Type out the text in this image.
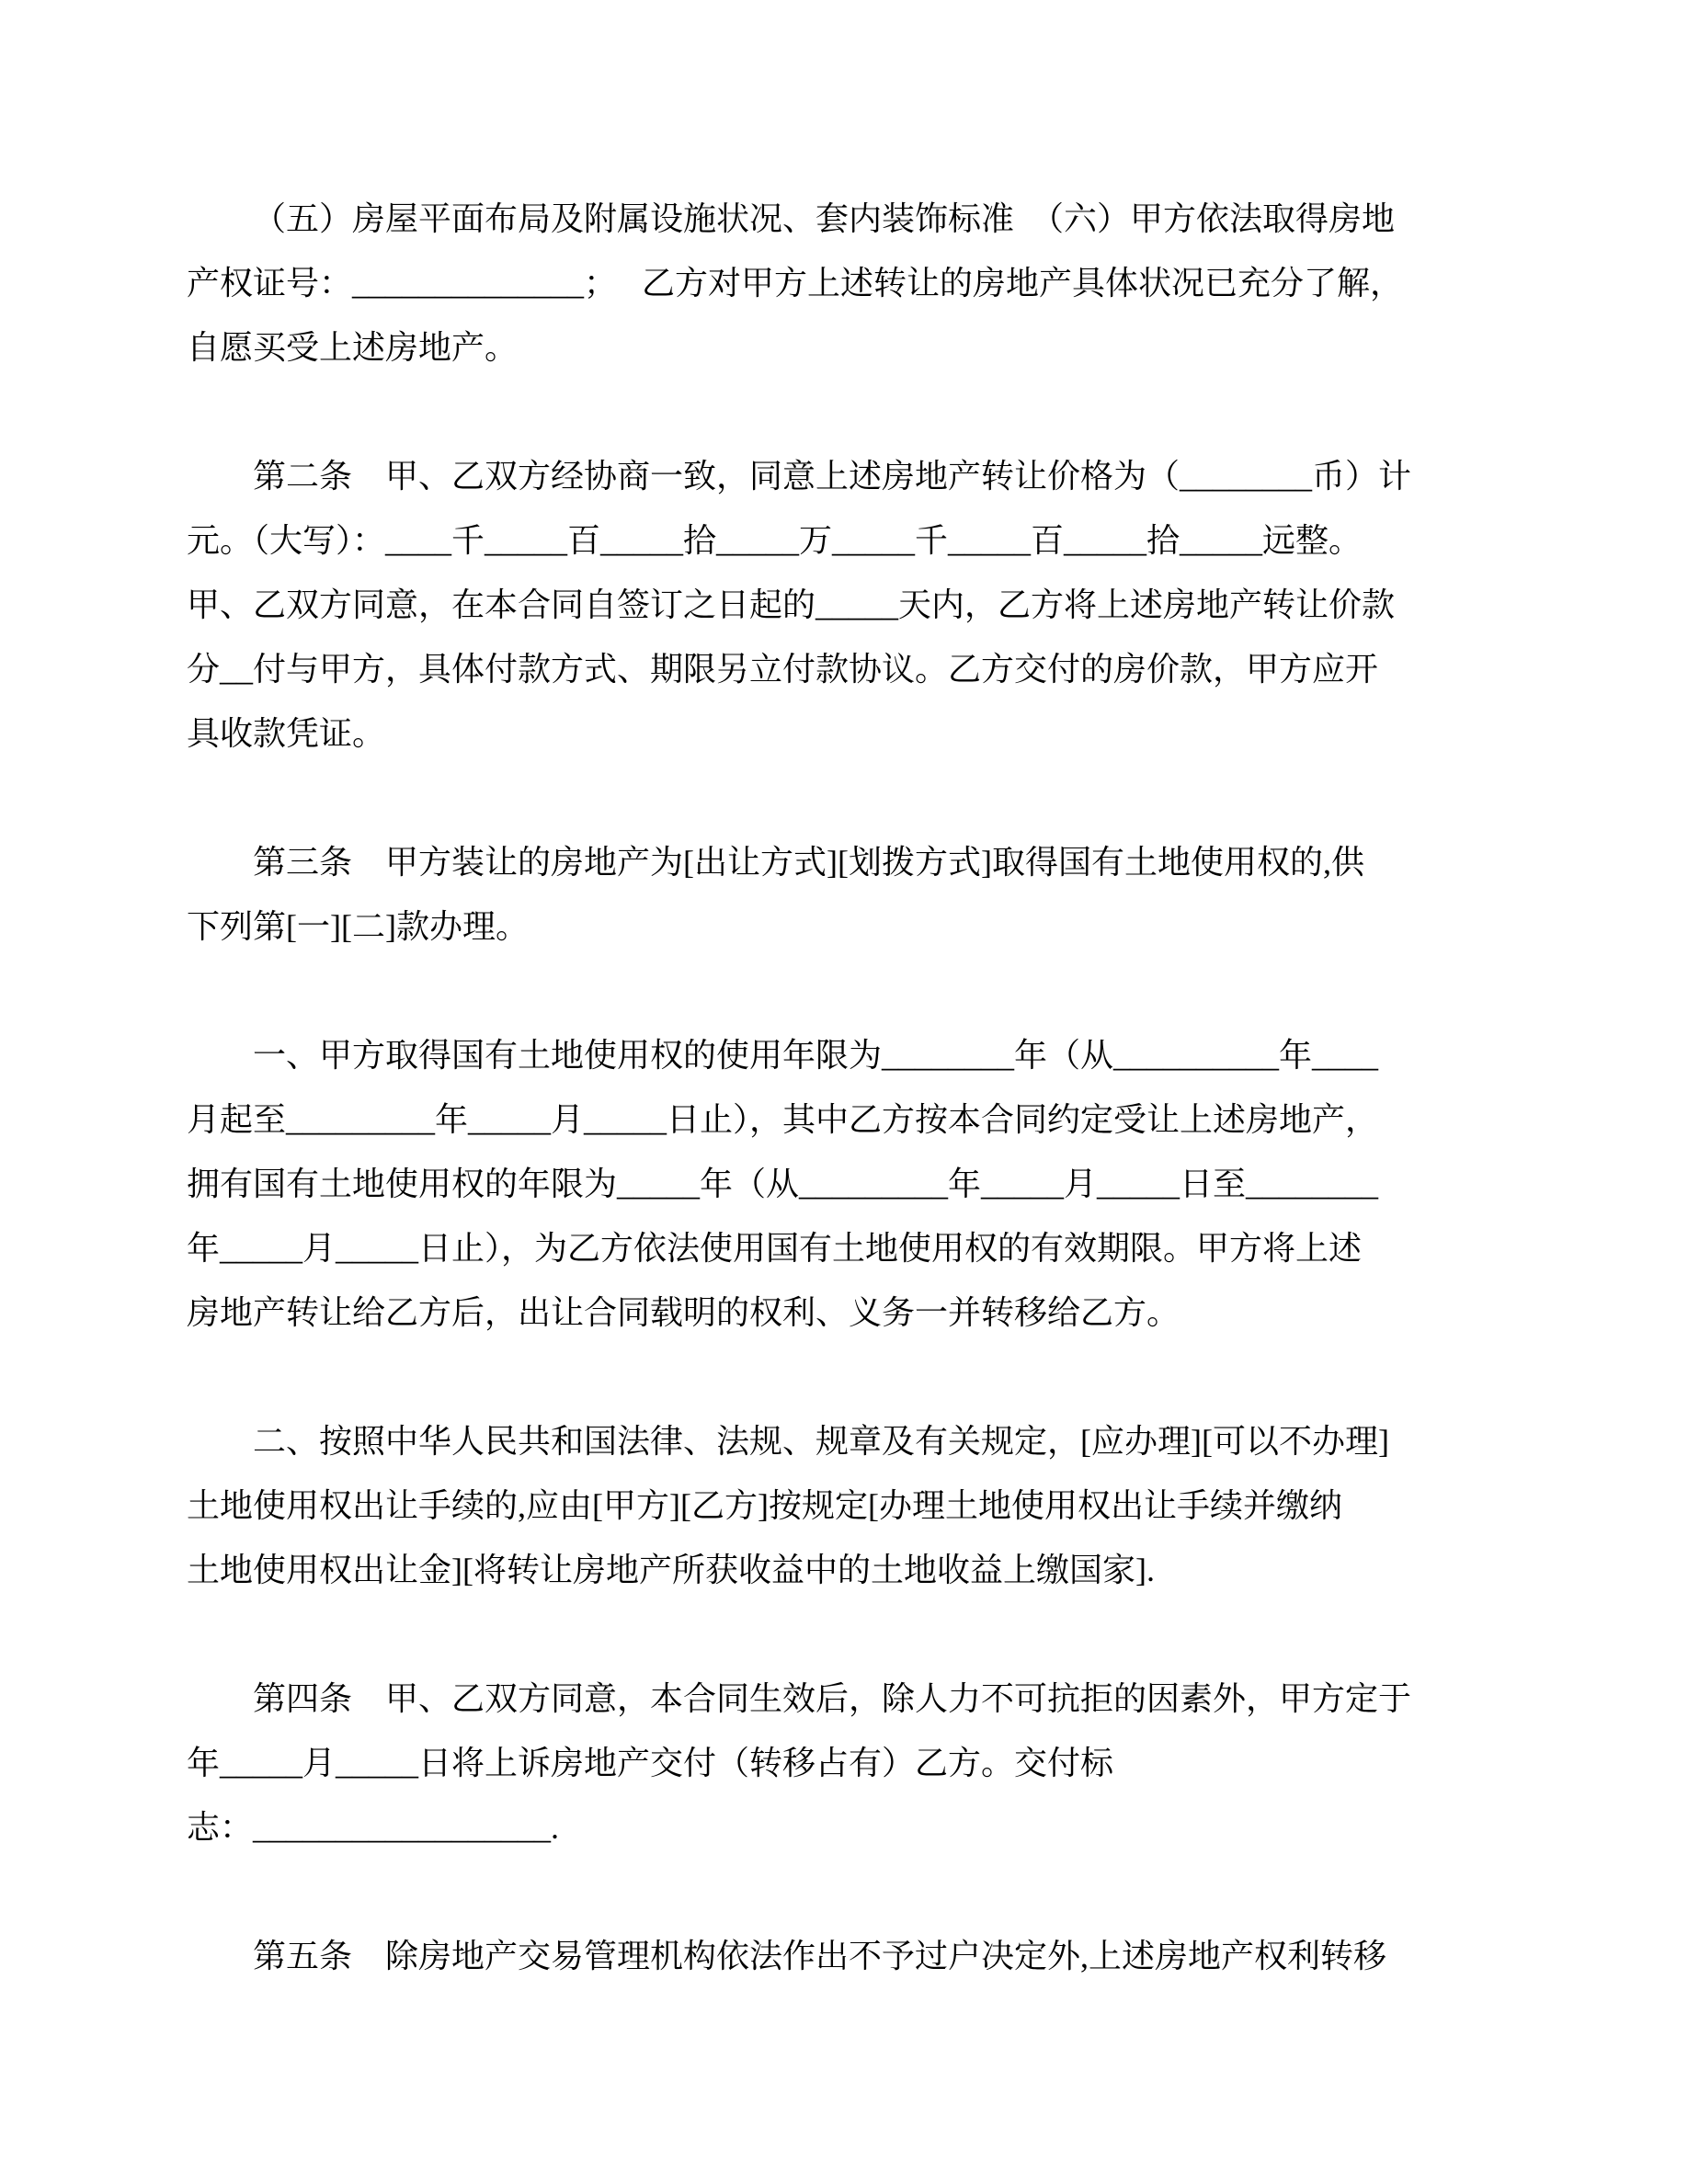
（五）房屋平面布局及附属设施状况、套内装饰标准　（六）甲方依法取得房地
产权证号：______________；　 乙方对甲方上述转让的房地产具体状况已充分了解，
自愿买受上述房地产。
第二条　甲、乙双方经协商一致，同意上述房地产转让价格为（________币）计
元。（大写）：____千_____百_____拾_____万_____千_____百_____拾_____远整。
甲、乙双方同意，在本合同自签订之日起的_____天内，乙方将上述房地产转让价款
分__付与甲方，具体付款方式、期限另立付款协议。乙方交付的房价款，甲方应开
具收款凭证。
第三条　甲方装让的房地产为[出让方式][划拨方式]取得国有土地使用权的,供
下列第[一][二]款办理。
一、甲方取得国有土地使用权的使用年限为________年（从__________年____
月起至_________年_____月_____日止），其中乙方按本合同约定受让上述房地产，
拥有国有土地使用权的年限为_____年（从_________年_____月_____日至________
年_____月_____日止），为乙方依法使用国有土地使用权的有效期限。甲方将上述
房地产转让给乙方后，出让合同载明的权利、义务一并转移给乙方。
二、按照中华人民共和国法律、法规、规章及有关规定，[应办理][可以不办理]
土地使用权出让手续的,应由[甲方][乙方]按规定[办理土地使用权出让手续并缴纳
土地使用权出让金][将转让房地产所获收益中的土地收益上缴国家].
第四条　甲、乙双方同意，本合同生效后，除人力不可抗拒的因素外，甲方定于
年_____月_____日将上诉房地产交付（转移占有）乙方。交付标
志：__________________.
第五条　除房地产交易管理机构依法作出不予过户决定外,上述房地产权利转移
